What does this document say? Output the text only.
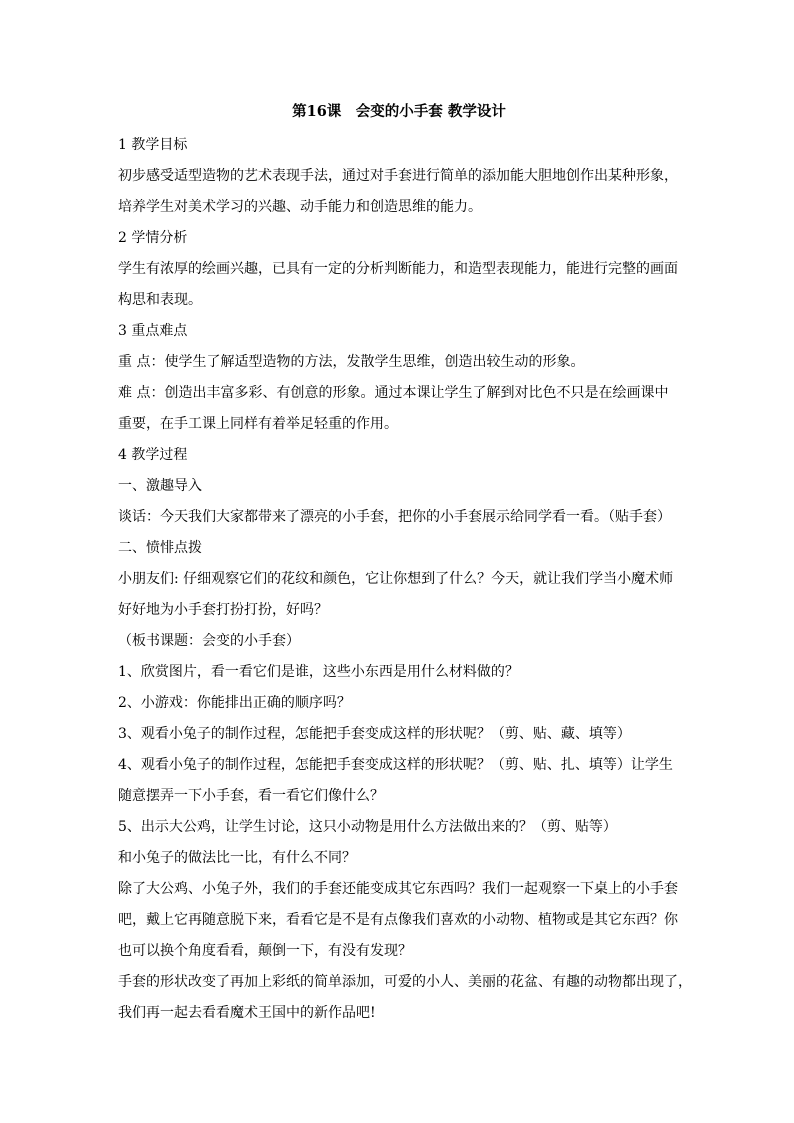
第16课　会变的小手套 教学设计

1 教学目标

初步感受适型造物的艺术表现手法，通过对手套进行简单的添加能大胆地创作出某种形象，

培养学生对美术学习的兴趣、动手能力和创造思维的能力。

2 学情分析

学生有浓厚的绘画兴趣，已具有一定的分析判断能力，和造型表现能力，能进行完整的画面

构思和表现。

3 重点难点

重 点：使学生了解适型造物的方法，发散学生思维，创造出较生动的形象。

难 点：创造出丰富多彩、有创意的形象。通过本课让学生了解到对比色不只是在绘画课中

重要，在手工课上同样有着举足轻重的作用。

4 教学过程

一、激趣导入

谈话：今天我们大家都带来了漂亮的小手套，把你的小手套展示给同学看一看。（贴手套）

二、愤悱点拨

小朋友们: 仔细观察它们的花纹和颜色，它让你想到了什么？今天，就让我们学当小魔术师

好好地为小手套打扮打扮，好吗？

（板书课题：会变的小手套）

1、欣赏图片，看一看它们是谁，这些小东西是用什么材料做的？

2、小游戏：你能排出正确的顺序吗？

3、观看小兔子的制作过程，怎能把手套变成这样的形状呢？（剪、贴、藏、填等）

4、观看小兔子的制作过程，怎能把手套变成这样的形状呢？（剪、贴、扎、填等）让学生

随意摆弄一下小手套，看一看它们像什么？

5、出示大公鸡，让学生讨论，这只小动物是用什么方法做出来的？（剪、贴等）

和小兔子的做法比一比，有什么不同？

除了大公鸡、小兔子外，我们的手套还能变成其它东西吗？我们一起观察一下桌上的小手套

吧，戴上它再随意脱下来，看看它是不是有点像我们喜欢的小动物、植物或是其它东西？你

也可以换个角度看看，颠倒一下，有没有发现？

手套的形状改变了再加上彩纸的简单添加，可爱的小人、美丽的花盆、有趣的动物都出现了，

我们再一起去看看魔术王国中的新作品吧!
